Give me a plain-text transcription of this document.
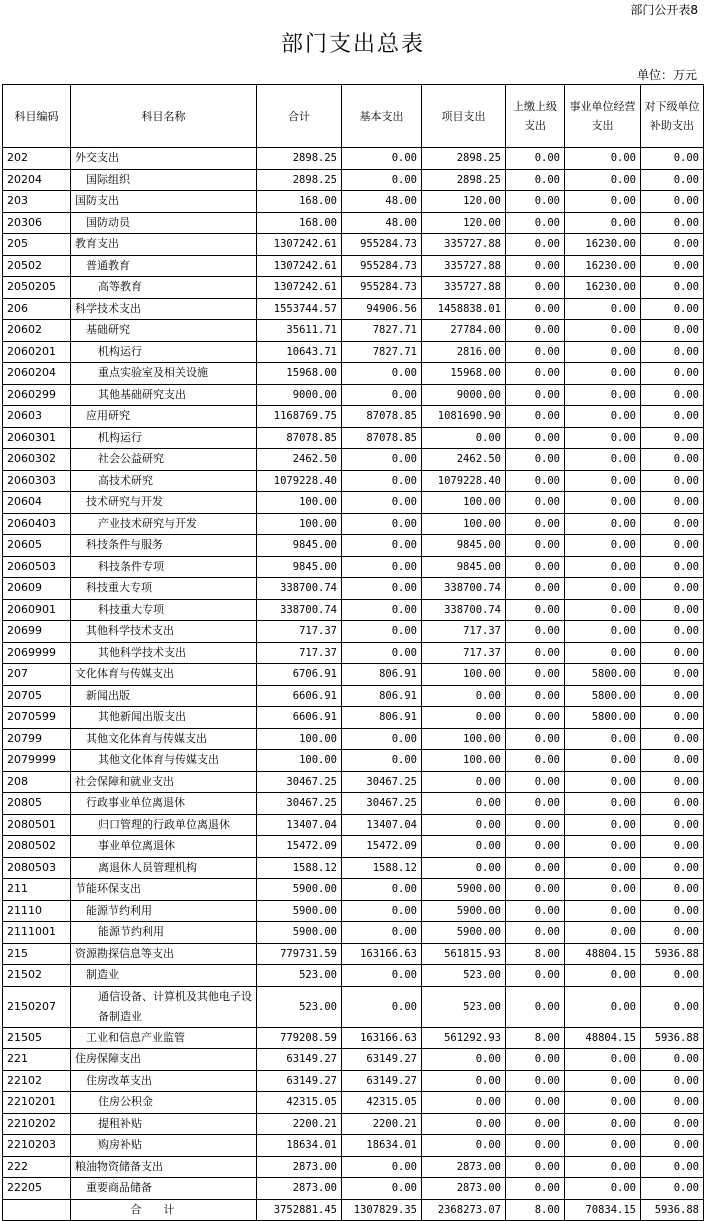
部门公开表8
部门支出总表
单位：万元
科目编码	科目名称	合计	基本支出	项目支出	上缴上级支出	事业单位经营支出	对下级单位补助支出
202	外交支出	2898.25	0.00	2898.25	0.00	0.00	0.00
20204	国际组织	2898.25	0.00	2898.25	0.00	0.00	0.00
203	国防支出	168.00	48.00	120.00	0.00	0.00	0.00
20306	国防动员	168.00	48.00	120.00	0.00	0.00	0.00
205	教育支出	1307242.61	955284.73	335727.88	0.00	16230.00	0.00
20502	普通教育	1307242.61	955284.73	335727.88	0.00	16230.00	0.00
2050205	高等教育	1307242.61	955284.73	335727.88	0.00	16230.00	0.00
206	科学技术支出	1553744.57	94906.56	1458838.01	0.00	0.00	0.00
20602	基础研究	35611.71	7827.71	27784.00	0.00	0.00	0.00
2060201	机构运行	10643.71	7827.71	2816.00	0.00	0.00	0.00
2060204	重点实验室及相关设施	15968.00	0.00	15968.00	0.00	0.00	0.00
2060299	其他基础研究支出	9000.00	0.00	9000.00	0.00	0.00	0.00
20603	应用研究	1168769.75	87078.85	1081690.90	0.00	0.00	0.00
2060301	机构运行	87078.85	87078.85	0.00	0.00	0.00	0.00
2060302	社会公益研究	2462.50	0.00	2462.50	0.00	0.00	0.00
2060303	高技术研究	1079228.40	0.00	1079228.40	0.00	0.00	0.00
20604	技术研究与开发	100.00	0.00	100.00	0.00	0.00	0.00
2060403	产业技术研究与开发	100.00	0.00	100.00	0.00	0.00	0.00
20605	科技条件与服务	9845.00	0.00	9845.00	0.00	0.00	0.00
2060503	科技条件专项	9845.00	0.00	9845.00	0.00	0.00	0.00
20609	科技重大专项	338700.74	0.00	338700.74	0.00	0.00	0.00
2060901	科技重大专项	338700.74	0.00	338700.74	0.00	0.00	0.00
20699	其他科学技术支出	717.37	0.00	717.37	0.00	0.00	0.00
2069999	其他科学技术支出	717.37	0.00	717.37	0.00	0.00	0.00
207	文化体育与传媒支出	6706.91	806.91	100.00	0.00	5800.00	0.00
20705	新闻出版	6606.91	806.91	0.00	0.00	5800.00	0.00
2070599	其他新闻出版支出	6606.91	806.91	0.00	0.00	5800.00	0.00
20799	其他文化体育与传媒支出	100.00	0.00	100.00	0.00	0.00	0.00
2079999	其他文化体育与传媒支出	100.00	0.00	100.00	0.00	0.00	0.00
208	社会保障和就业支出	30467.25	30467.25	0.00	0.00	0.00	0.00
20805	行政事业单位离退休	30467.25	30467.25	0.00	0.00	0.00	0.00
2080501	归口管理的行政单位离退休	13407.04	13407.04	0.00	0.00	0.00	0.00
2080502	事业单位离退休	15472.09	15472.09	0.00	0.00	0.00	0.00
2080503	离退休人员管理机构	1588.12	1588.12	0.00	0.00	0.00	0.00
211	节能环保支出	5900.00	0.00	5900.00	0.00	0.00	0.00
21110	能源节约利用	5900.00	0.00	5900.00	0.00	0.00	0.00
2111001	能源节约利用	5900.00	0.00	5900.00	0.00	0.00	0.00
215	资源勘探信息等支出	779731.59	163166.63	561815.93	8.00	48804.15	5936.88
21502	制造业	523.00	0.00	523.00	0.00	0.00	0.00
2150207	通信设备、计算机及其他电子设备制造业	523.00	0.00	523.00	0.00	0.00	0.00
21505	工业和信息产业监管	779208.59	163166.63	561292.93	8.00	48804.15	5936.88
221	住房保障支出	63149.27	63149.27	0.00	0.00	0.00	0.00
22102	住房改革支出	63149.27	63149.27	0.00	0.00	0.00	0.00
2210201	住房公积金	42315.05	42315.05	0.00	0.00	0.00	0.00
2210202	提租补贴	2200.21	2200.21	0.00	0.00	0.00	0.00
2210203	购房补贴	18634.01	18634.01	0.00	0.00	0.00	0.00
222	粮油物资储备支出	2873.00	0.00	2873.00	0.00	0.00	0.00
22205	重要商品储备	2873.00	0.00	2873.00	0.00	0.00	0.00
	合计	3752881.45	1307829.35	2368273.07	8.00	70834.15	5936.88
